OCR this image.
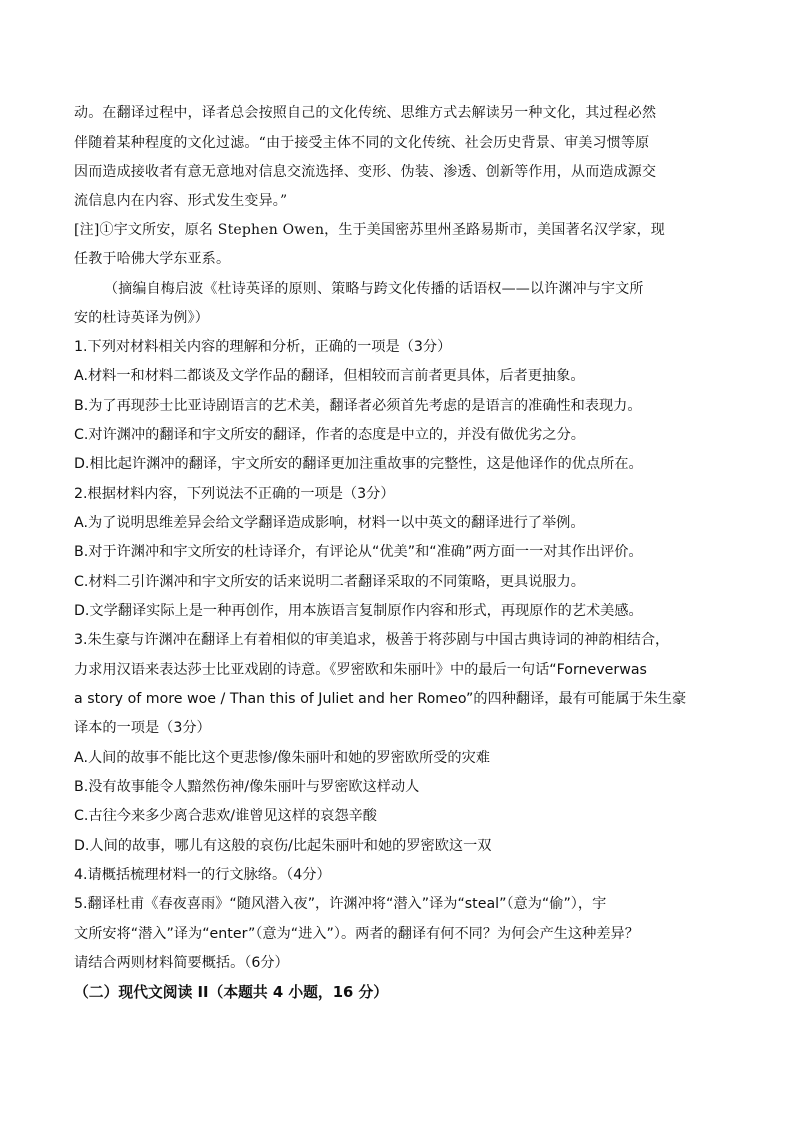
动。在翻译过程中，译者总会按照自己的文化传统、思维方式去解读另一种文化，其过程必然
伴随着某种程度的文化过滤。“由于接受主体不同的文化传统、社会历史背景、审美习惯等原
因而造成接收者有意无意地对信息交流选择、变形、伪装、渗透、创新等作用，从而造成源交
流信息内在内容、形式发生变异。”
[注]①宇文所安，原名 Stephen Owen，生于美国密苏里州圣路易斯市，美国著名汉学家，现
任教于哈佛大学东亚系。
（摘编自梅启波《杜诗英译的原则、策略与跨文化传播的话语权——以许渊冲与宇文所
安的杜诗英译为例》）
1.下列对材料相关内容的理解和分析，正确的一项是（3分）
A.材料一和材料二都谈及文学作品的翻译，但相较而言前者更具体，后者更抽象。
B.为了再现莎士比亚诗剧语言的艺术美，翻译者必须首先考虑的是语言的准确性和表现力。
C.对许渊冲的翻译和宇文所安的翻译，作者的态度是中立的，并没有做优劣之分。
D.相比起许渊冲的翻译，宇文所安的翻译更加注重故事的完整性，这是他译作的优点所在。
2.根据材料内容，下列说法不正确的一项是（3分）
A.为了说明思维差异会给文学翻译造成影响，材料一以中英文的翻译进行了举例。
B.对于许渊冲和宇文所安的杜诗译介，有评论从“优美”和“准确”两方面一一对其作出评价。
C.材料二引许渊冲和宇文所安的话来说明二者翻译采取的不同策略，更具说服力。
D.文学翻译实际上是一种再创作，用本族语言复制原作内容和形式，再现原作的艺术美感。
3.朱生豪与许渊冲在翻译上有着相似的审美追求，极善于将莎剧与中国古典诗词的神韵相结合，
力求用汉语来表达莎士比亚戏剧的诗意。《罗密欧和朱丽叶》中的最后一句话“Forneverwas
a story of more woe / Than this of Juliet and her Romeo”的四种翻译，最有可能属于朱生豪
译本的一项是（3分）
A.人间的故事不能比这个更悲惨/像朱丽叶和她的罗密欧所受的灾难
B.没有故事能令人黯然伤神/像朱丽叶与罗密欧这样动人
C.古往今来多少离合悲欢/谁曾见这样的哀怨辛酸
D.人间的故事，哪儿有这般的哀伤/比起朱丽叶和她的罗密欧这一双
4.请概括梳理材料一的行文脉络。（4分）
5.翻译杜甫《春夜喜雨》“随风潜入夜”，许渊冲将“潜入”译为“steal”（意为“偷”），宇
文所安将“潜入”译为“enter”（意为“进入”）。两者的翻译有何不同？为何会产生这种差异？
请结合两则材料简要概括。（6分）
（二）现代文阅读 II（本题共 4 小题，16 分）
